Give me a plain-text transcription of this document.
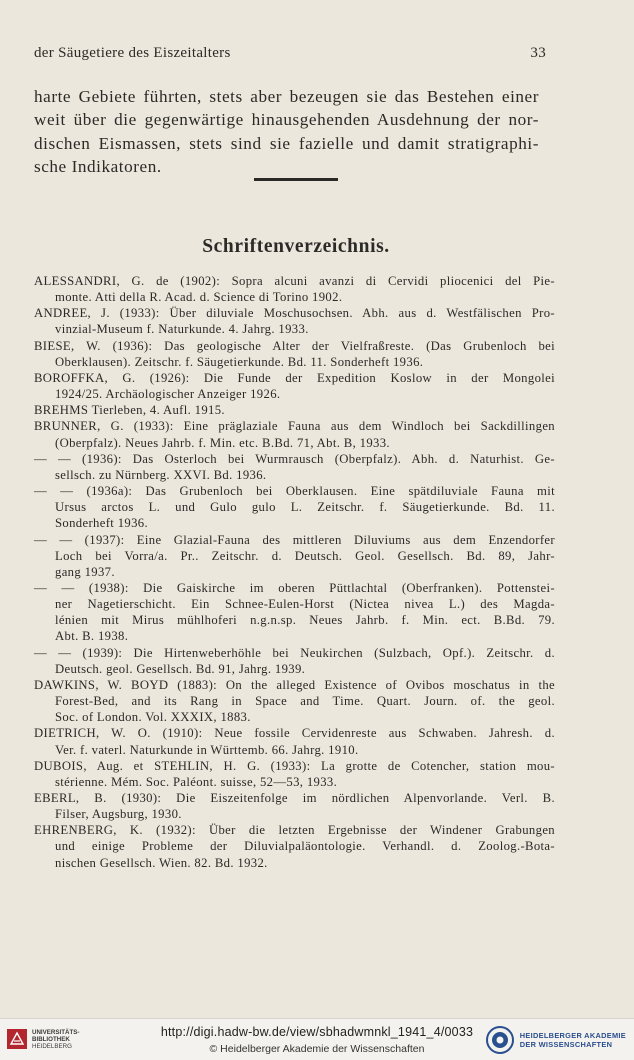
der Säugetiere des Eiszeitalters	33
harte Gebiete führten, stets aber bezeugen sie das Bestehen einer
weit über die gegenwärtige hinausgehenden Ausdehnung der nor-
dischen Eismassen, stets sind sie fazielle und damit stratigraphi-
sche Indikatoren.
Schriftenverzeichnis.
ALESSANDRI, G. de (1902): Sopra alcuni avanzi di Cervidi pliocenici del Pie-
monte. Atti della R. Acad. d. Science di Torino 1902.
ANDREE, J. (1933): Über diluviale Moschusochsen. Abh. aus d. Westfälischen Pro-
vinzial-Museum f. Naturkunde. 4. Jahrg. 1933.
BIESE, W. (1936): Das geologische Alter der Vielfraßreste. (Das Grubenloch bei
Oberklausen). Zeitschr. f. Säugetierkunde. Bd. 11. Sonderheft 1936.
BOROFFKA, G. (1926): Die Funde der Expedition Koslow in der Mongolei
1924/25. Archäologischer Anzeiger 1926.
BREHMS Tierleben, 4. Aufl. 1915.
BRUNNER, G. (1933): Eine präglaziale Fauna aus dem Windloch bei Sackdillingen
(Oberpfalz). Neues Jahrb. f. Min. etc. B.Bd. 71, Abt. B, 1933.
— — (1936): Das Osterloch bei Wurmrausch (Oberpfalz). Abh. d. Naturhist. Ge-
sellsch. zu Nürnberg. XXVI. Bd. 1936.
— — (1936a): Das Grubenloch bei Oberklausen. Eine spätdiluviale Fauna mit
Ursus arctos L. und Gulo gulo L. Zeitschr. f. Säugetierkunde. Bd. 11.
Sonderheft 1936.
— — (1937): Eine Glazial-Fauna des mittleren Diluviums aus dem Enzendorfer
Loch bei Vorra/a. Pr.. Zeitschr. d. Deutsch. Geol. Gesellsch. Bd. 89, Jahr-
gang 1937.
— — (1938): Die Gaiskirche im oberen Püttlachtal (Oberfranken). Pottenstei-
ner Nagetierschicht. Ein Schnee-Eulen-Horst (Nictea nivea L.) des Magda-
lénien mit Mirus mühlhoferi n.g.n.sp. Neues Jahrb. f. Min. ect. B.Bd. 79.
Abt. B. 1938.
— — (1939): Die Hirtenweberhöhle bei Neukirchen (Sulzbach, Opf.). Zeitschr. d.
Deutsch. geol. Gesellsch. Bd. 91, Jahrg. 1939.
DAWKINS, W. BOYD (1883): On the alleged Existence of Ovibos moschatus in the
Forest-Bed, and its Rang in Space and Time. Quart. Journ. of. the geol.
Soc. of London. Vol. XXXIX, 1883.
DIETRICH, W. O. (1910): Neue fossile Cervidenreste aus Schwaben. Jahresh. d.
Ver. f. vaterl. Naturkunde in Württemb. 66. Jahrg. 1910.
DUBOIS, Aug. et STEHLIN, H. G. (1933): La grotte de Cotencher, station mou-
stérienne. Mém. Soc. Paléont. suisse, 52—53, 1933.
EBERL, B. (1930): Die Eiszeitenfolge im nördlichen Alpenvorlande. Verl. B.
Filser, Augsburg, 1930.
EHRENBERG, K. (1932): Über die letzten Ergebnisse der Windener Grabungen
und einige Probleme der Diluvialpaläontologie. Verhandl. d. Zoolog.-Bota-
nischen Gesellsch. Wien. 82. Bd. 1932.
UNIVERSITÄTS-
BIBLIOTHEK
HEIDELBERG
http://digi.hadw-bw.de/view/sbhadwmnkl_1941_4/0033
© Heidelberger Akademie der Wissenschaften
HEIDELBERGER AKADEMIE
DER WISSENSCHAFTEN
